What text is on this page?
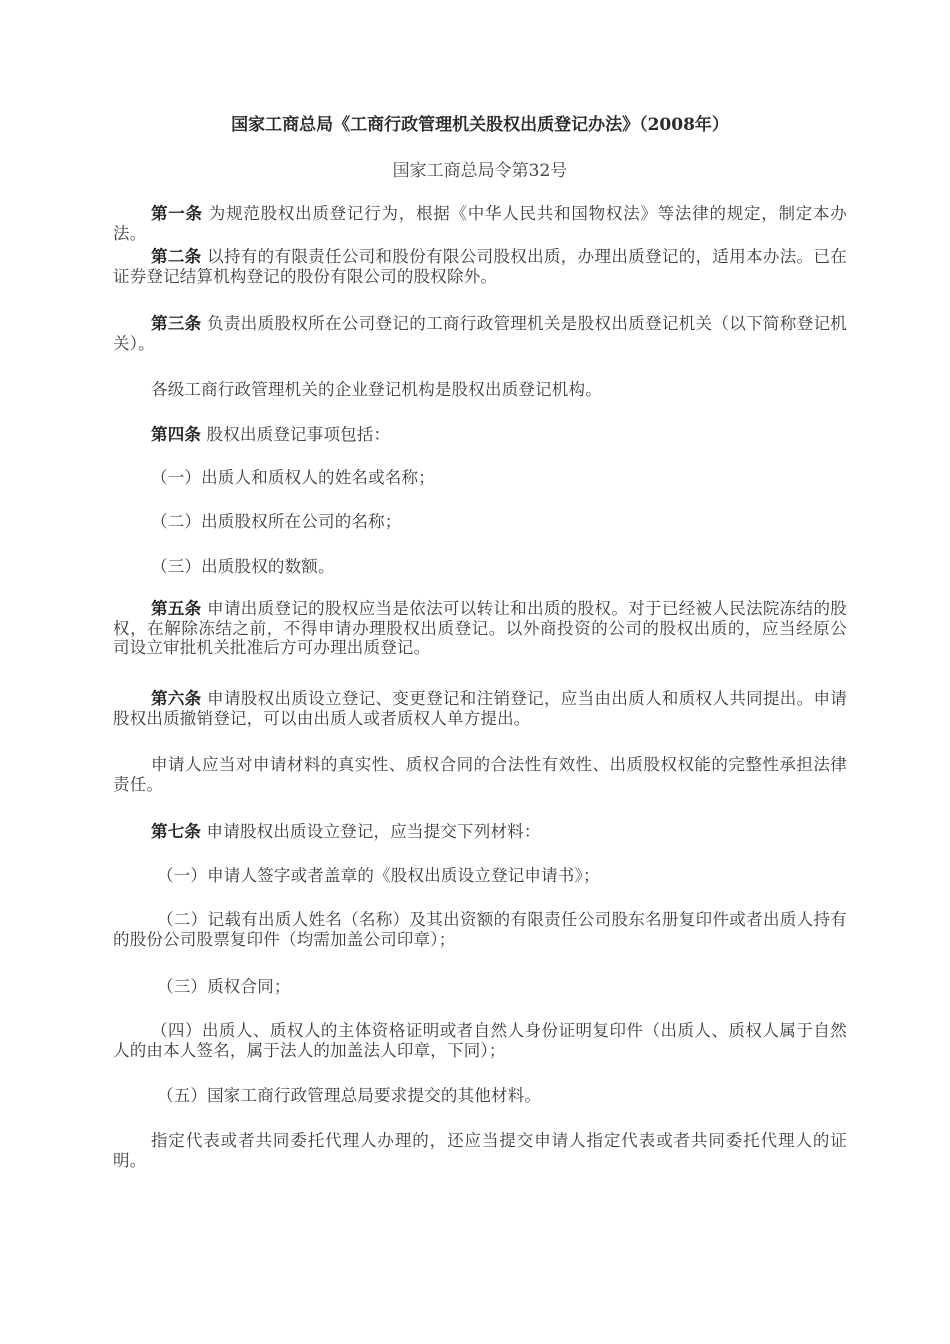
国家工商总局《工商行政管理机关股权出质登记办法》（2008年）
国家工商总局令第32号
第一条 为规范股权出质登记行为，根据《中华人民共和国物权法》等法律的规定，制定本办法。
第二条 以持有的有限责任公司和股份有限公司股权出质，办理出质登记的，适用本办法。已在证券登记结算机构登记的股份有限公司的股权除外。
第三条 负责出质股权所在公司登记的工商行政管理机关是股权出质登记机关（以下简称登记机关）。
各级工商行政管理机关的企业登记机构是股权出质登记机构。
第四条 股权出质登记事项包括：
（一）出质人和质权人的姓名或名称；
（二）出质股权所在公司的名称；
（三）出质股权的数额。
第五条 申请出质登记的股权应当是依法可以转让和出质的股权。对于已经被人民法院冻结的股权，在解除冻结之前，不得申请办理股权出质登记。以外商投资的公司的股权出质的，应当经原公司设立审批机关批准后方可办理出质登记。
第六条 申请股权出质设立登记、变更登记和注销登记，应当由出质人和质权人共同提出。申请股权出质撤销登记，可以由出质人或者质权人单方提出。
申请人应当对申请材料的真实性、质权合同的合法性有效性、出质股权权能的完整性承担法律责任。
第七条 申请股权出质设立登记，应当提交下列材料：
（一）申请人签字或者盖章的《股权出质设立登记申请书》；
（二）记载有出质人姓名（名称）及其出资额的有限责任公司股东名册复印件或者出质人持有的股份公司股票复印件（均需加盖公司印章）；
（三）质权合同；
（四）出质人、质权人的主体资格证明或者自然人身份证明复印件（出质人、质权人属于自然人的由本人签名，属于法人的加盖法人印章，下同）；
（五）国家工商行政管理总局要求提交的其他材料。
指定代表或者共同委托代理人办理的，还应当提交申请人指定代表或者共同委托代理人的证明。
